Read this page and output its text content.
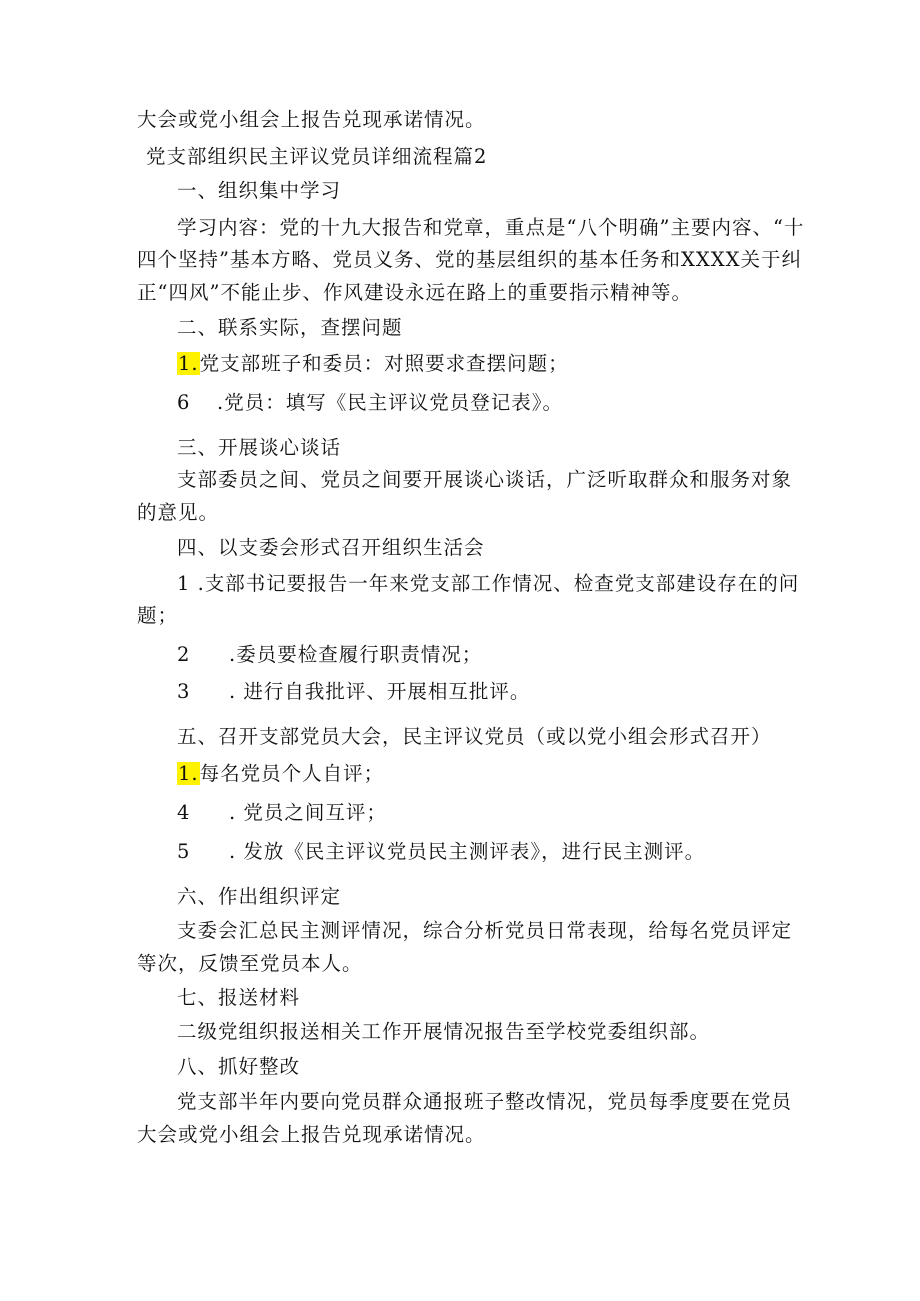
大会或党小组会上报告兑现承诺情况。
党支部组织民主评议党员详细流程篇2
一、组织集中学习
学习内容：党的十九大报告和党章，重点是“八个明确”主要内容、“十
四个坚持”基本方略、党员义务、党的基层组织的基本任务和XXXX关于纠
正“四风”不能止步、作风建设永远在路上的重要指示精神等。
二、联系实际，查摆问题
1.党支部班子和委员：对照要求查摆问题；
6 .党员：填写《民主评议党员登记表》。
三、开展谈心谈话
支部委员之间、党员之间要开展谈心谈话，广泛听取群众和服务对象
的意见。
四、以支委会形式召开组织生活会
1 .支部书记要报告一年来党支部工作情况、检查党支部建设存在的问
题；
2 .委员要检查履行职责情况；
3 . 进行自我批评、开展相互批评。
五、召开支部党员大会，民主评议党员（或以党小组会形式召开）
1.每名党员个人自评；
4 . 党员之间互评；
5 . 发放《民主评议党员民主测评表》，进行民主测评。
六、作出组织评定
支委会汇总民主测评情况，综合分析党员日常表现，给每名党员评定
等次，反馈至党员本人。
七、报送材料
二级党组织报送相关工作开展情况报告至学校党委组织部。
八、抓好整改
党支部半年内要向党员群众通报班子整改情况，党员每季度要在党员
大会或党小组会上报告兑现承诺情况。
